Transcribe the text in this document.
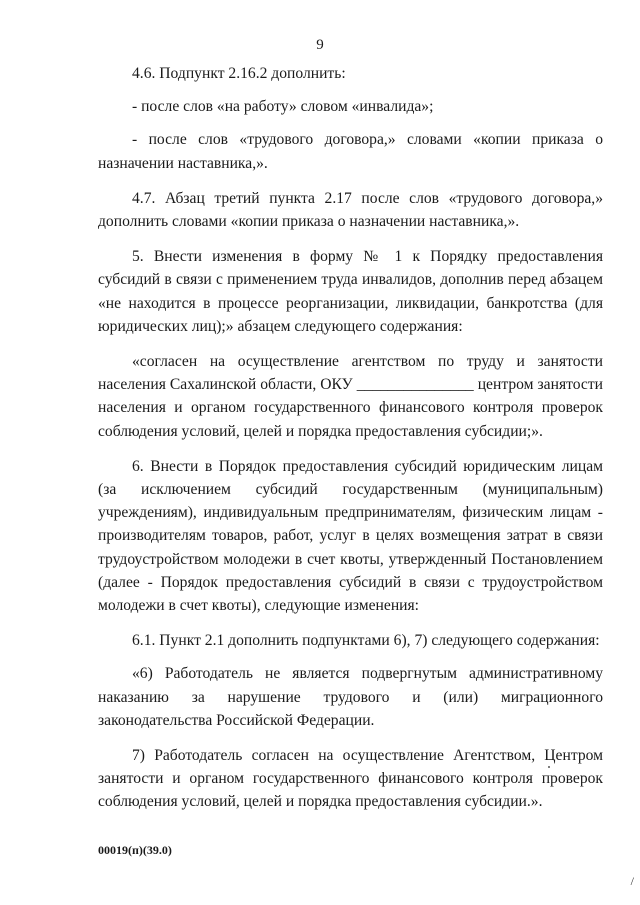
9

4.6. Подпункт 2.16.2 дополнить:

- после слов «на работу» словом «инвалида»;

- после слов «трудового договора,» словами «копии приказа о назначении наставника,».

4.7. Абзац третий пункта 2.17 после слов «трудового договора,» дополнить словами «копии приказа о назначении наставника,».

5. Внести изменения в форму № 1 к Порядку предоставления субсидий в связи с применением труда инвалидов, дополнив перед абзацем «не находится в процессе реорганизации, ликвидации, банкротства (для юридических лиц);» абзацем следующего содержания:

«согласен на осуществление агентством по труду и занятости населения Сахалинской области, ОКУ _______________ центром занятости населения и органом государственного финансового контроля проверок соблюдения условий, целей и порядка предоставления субсидии;».

6. Внести в Порядок предоставления субсидий юридическим лицам (за исключением субсидий государственным (муниципальным) учреждениям), индивидуальным предпринимателям, физическим лицам - производителям товаров, работ, услуг в целях возмещения затрат в связи трудоустройством молодежи в счет квоты, утвержденный Постановлением (далее - Порядок предоставления субсидий в связи с трудоустройством молодежи в счет квоты), следующие изменения:

6.1. Пункт 2.1 дополнить подпунктами 6), 7) следующего содержания:

«6) Работодатель не является подвергнутым административному наказанию за нарушение трудового и (или) миграционного законодательства Российской Федерации.

7) Работодатель согласен на осуществление Агентством, Центром занятости и органом государственного финансового контроля проверок соблюдения условий, целей и порядка предоставления субсидии.».

00019(п)(39.0)
/
